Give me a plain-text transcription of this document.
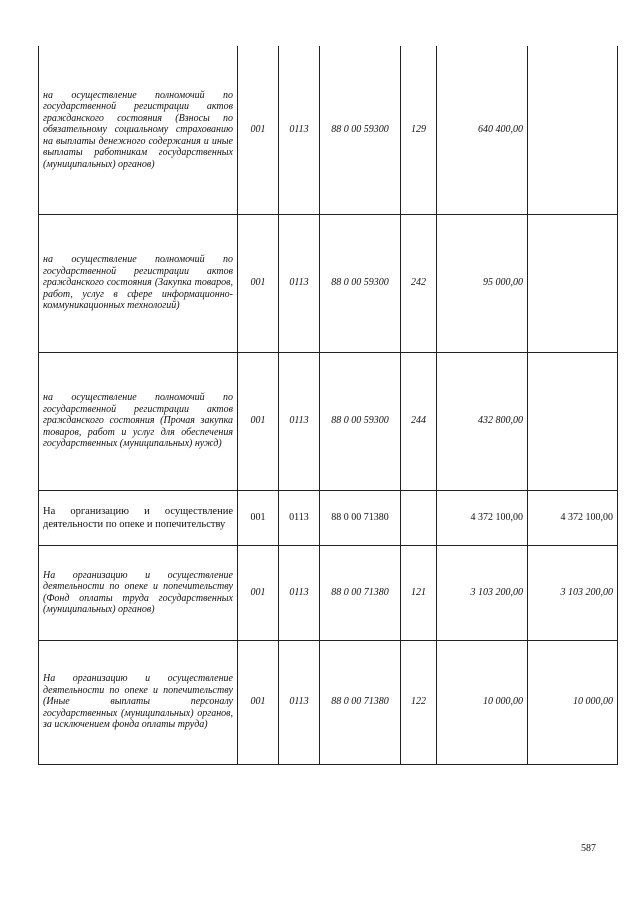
на осуществление полномочий по государственной регистрации актов гражданского состояния (Взносы по обязательному социальному страхованию на выплаты денежного содержания и иные выплаты работникам государственных (муниципальных) органов)	001	0113	88 0 00 59300	129	640 400,00	
на осуществление полномочий по государственной регистрации актов гражданского состояния (Закупка товаров, работ, услуг в сфере информационно-коммуникационных технологий)	001	0113	88 0 00 59300	242	95 000,00	
на осуществление полномочий по государственной регистрации актов гражданского состояния (Прочая закупка товаров, работ и услуг для обеспечения государственных (муниципальных) нужд)	001	0113	88 0 00 59300	244	432 800,00	
На организацию и осуществление деятельности по опеке и попечительству	001	0113	88 0 00 71380		4 372 100,00	4 372 100,00
На организацию и осуществление деятельности по опеке и попечительству (Фонд оплаты труда государственных (муниципальных) органов)	001	0113	88 0 00 71380	121	3 103 200,00	3 103 200,00
На организацию и осуществление деятельности по опеке и попечительству (Иные выплаты персоналу государственных (муниципальных) органов, за исключением фонда оплаты труда)	001	0113	88 0 00 71380	122	10 000,00	10 000,00
587
